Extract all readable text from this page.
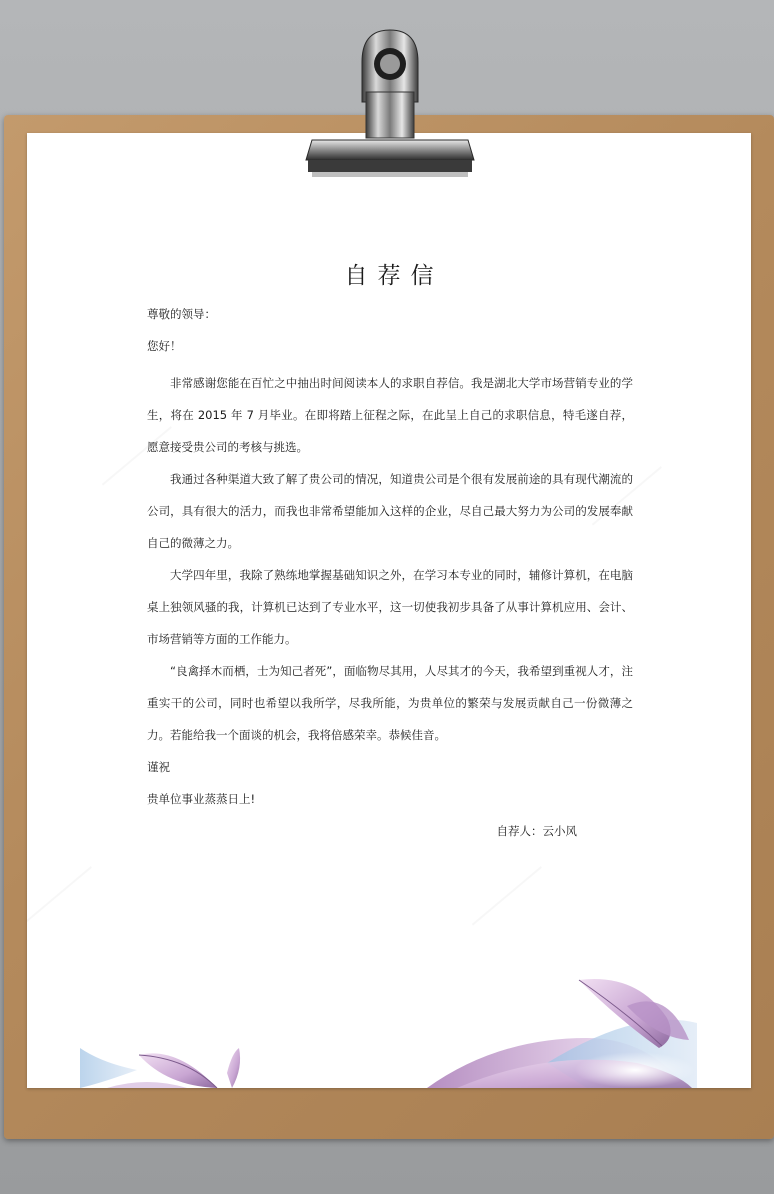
自荐信
尊敬的领导：
您好！

非常感谢您能在百忙之中抽出时间阅读本人的求职自荐信。我是湖北大学市场营销专业的学生，将在 2015 年 7 月毕业。在即将踏上征程之际，在此呈上自己的求职信息，特毛遂自荐，愿意接受贵公司的考核与挑选。

我通过各种渠道大致了解了贵公司的情况，知道贵公司是个很有发展前途的具有现代潮流的公司，具有很大的活力，而我也非常希望能加入这样的企业，尽自己最大努力为公司的发展奉献自己的微薄之力。

大学四年里，我除了熟练地掌握基础知识之外，在学习本专业的同时，辅修计算机，在电脑桌上独领风骚的我，计算机已达到了专业水平，这一切使我初步具备了从事计算机应用、会计、市场营销等方面的工作能力。

“良禽择木而栖，士为知己者死”，面临物尽其用，人尽其才的今天，我希望到重视人才，注重实干的公司，同时也希望以我所学，尽我所能，为贵单位的繁荣与发展贡献自己一份微薄之力。若能给我一个面谈的机会，我将倍感荣幸。恭候佳音。

谨祝
贵单位事业蒸蒸日上!
自荐人：云小风
